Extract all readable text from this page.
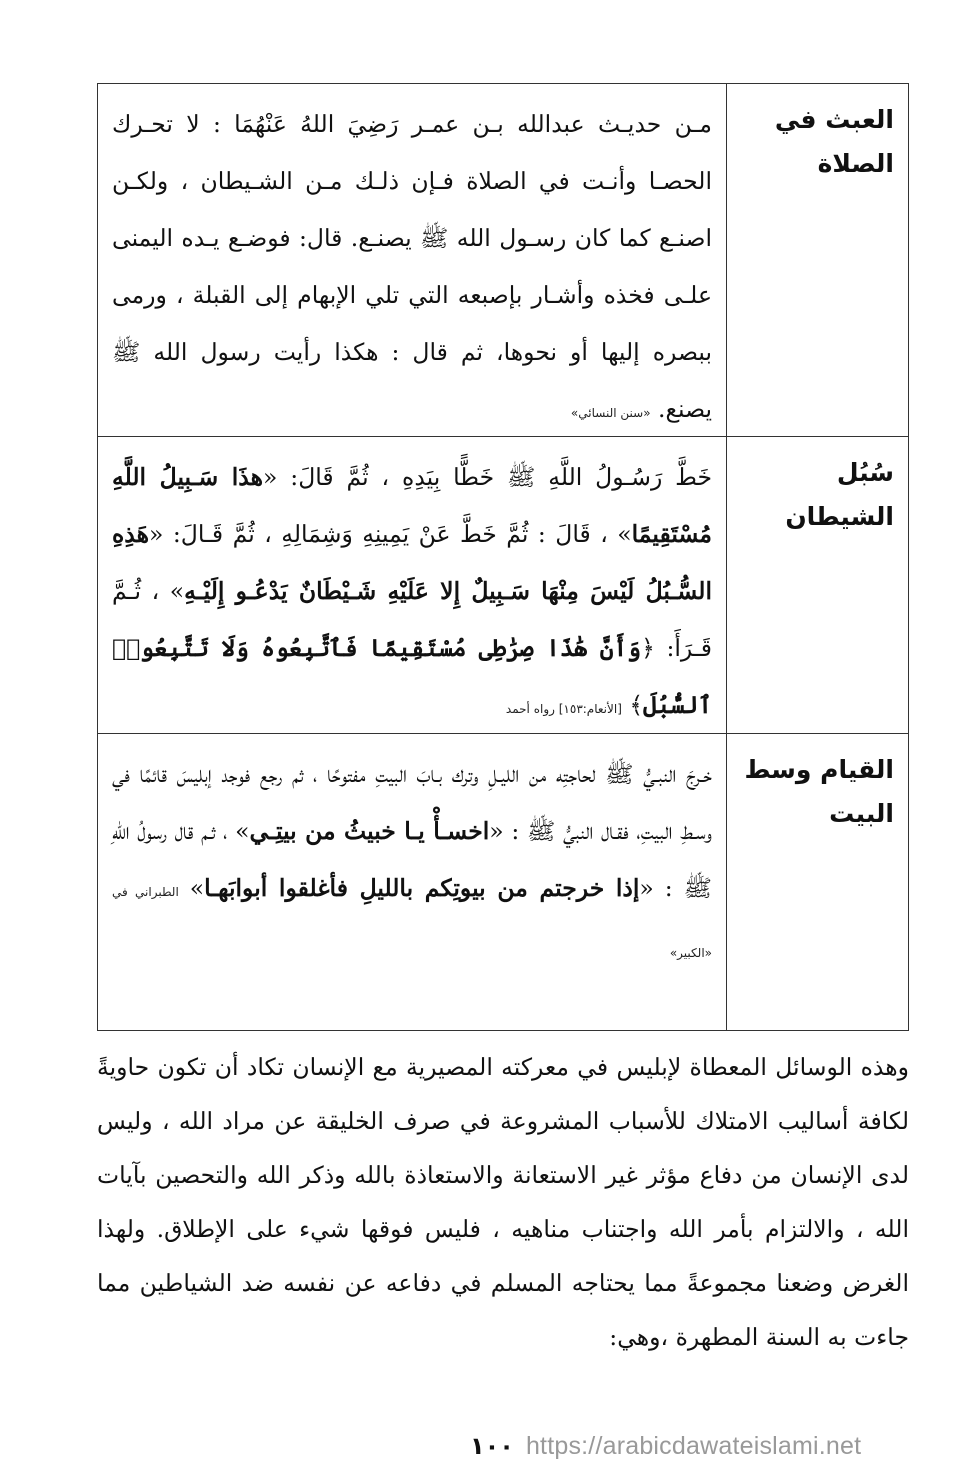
العبث في الصلاة
مـن حديـث عبدالله بـن عمـر رَضِيَ اللهُ عَنْهُمَا : لا تحـرك الحصـا وأنـت في الصلاة فـإن ذلـك مـن الشـيطان ، ولكـن اصنـع كما كان رسـول الله ﷺ يصنـع. قال: فوضـع يـده اليمنى علـى فخذه وأشـار بإصبعه التي تلي الإبهام إلى القبلة ، ورمى ببصره إليها أو نحوها، ثم قال : هكذا رأيت رسول الله ﷺ يصنع. «سنن النسائي»
سُبُل الشيطان
خَطَّ رَسُـولُ اللَّهِ ﷺ خَطًّا بِيَدِهِ ، ثُمَّ قَالَ: «هذَا سَـبِيلُ اللَّهِ مُسْتَقِيمًا» ، قَالَ : ثُمَّ خَطَّ عَنْ يَمِينِهِ وَشِمَالِهِ ، ثُمَّ قَـالَ: «هَذِهِ السُّـبُلُ لَيْسَ مِنْهَا سَـبِيلٌ إِلا عَلَيْهِ شَـيْطَانٌ يَدْعُـو إِلَيْـهِ» ، ثُـمَّ قَـرَأَ: ﴿وَأَنَّ هَٰذَا صِرَٰطِى مُسْتَقِيمًا فَٱتَّبِعُوهُ وَلَا تَتَّبِعُوا۟ ٱلسُّبُلَ﴾ [الأنعام:١٥٣] رواه أحمد
القيام وسط البيت
خـرجَ النبـيُّ ﷺ لحاجتِه من الليـلِ وترك بـابَ البيتِ مفتوحًا ، ثم رجع فوجد إبليسَ قائمًا في وسـطِ البيتِ، فقـال النبيُّ ﷺ : «اخسـأْ يـا خبيثُ من بيتِـي» ، ثـم قال رسولُ اللهِ ﷺ : «إذا خرجتم من بيوتِكم بالليلِ فأغلقوا أبوابَهـا» الطبراني في «الكبير»
وهذه الوسائل المعطاة لإبليس في معركته المصيرية مع الإنسان تكاد أن تكون حاويةً لكافة أساليب الامتلاك للأسباب المشروعة في صرف الخليقة عن مراد الله ، وليس لدى الإنسان من دفاع مؤثر غير الاستعانة والاستعاذة بالله وذكر الله والتحصين بآيات الله ، والالتزام بأمر الله واجتناب مناهيه ، فليس فوقها شيء على الإطلاق. ولهذا الغرض وضعنا مجموعةً مما يحتاجه المسلم في دفاعه عن نفسه ضد الشياطين مما جاءت به السنة المطهرة ،وهي:
١٠٠ https://arabicdawateislami.net
